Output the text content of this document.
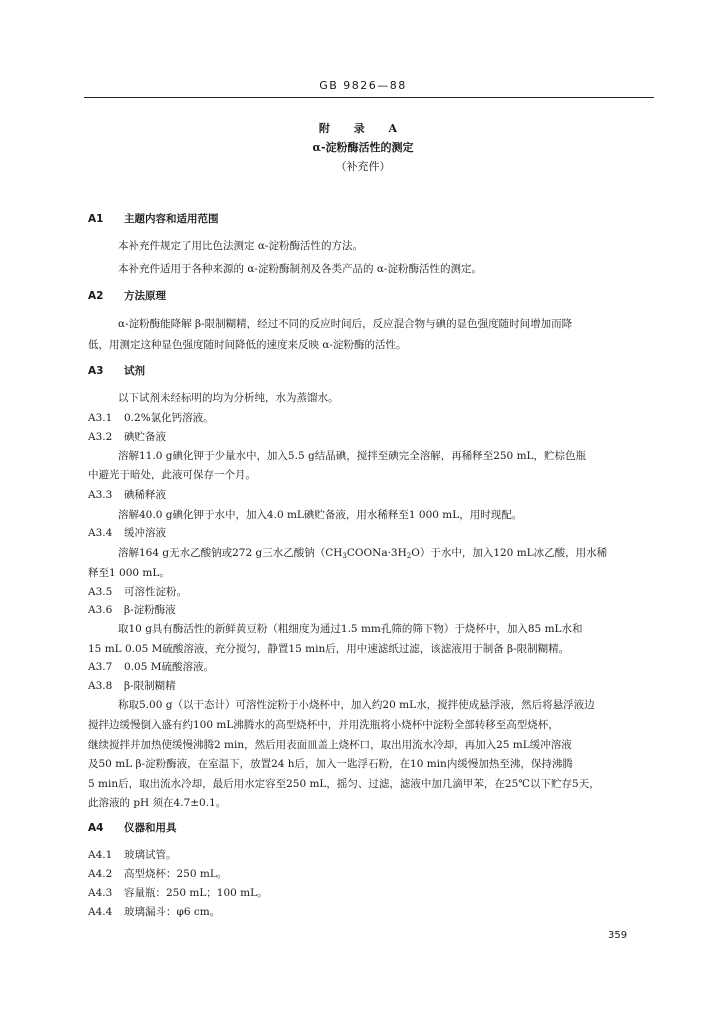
GB 9826—88
附 录 A
α-淀粉酶活性的测定
（补充件）
A1 主题内容和适用范围
本补充件规定了用比色法测定 α-淀粉酶活性的方法。
本补充件适用于各种来源的 α-淀粉酶制剂及各类产品的 α-淀粉酶活性的测定。
A2 方法原理
α-淀粉酶能降解 β-限制糊精，经过不同的反应时间后，反应混合物与碘的显色强度随时间增加而降
低，用测定这种显色强度随时间降低的速度来反映 α-淀粉酶的活性。
A3 试剂
以下试剂未经标明的均为分析纯，水为蒸馏水。
A3.1 0.2%氯化钙溶液。
A3.2 碘贮备液
溶解11.0 g碘化钾于少量水中，加入5.5 g结晶碘，搅拌至碘完全溶解，再稀释至250 mL，贮棕色瓶
中避光于暗处，此液可保存一个月。
A3.3 碘稀释液
溶解40.0 g碘化钾于水中，加入4.0 mL碘贮备液，用水稀释至1 000 mL，用时现配。
A3.4 缓冲溶液
溶解164 g无水乙酸钠或272 g三水乙酸钠$(CH_3COONa\cdot 3H_2O)$于水中，加入120 mL冰乙酸，用水稀
释至1 000 mL。
A3.5 可溶性淀粉。
A3.6 β-淀粉酶液
取10 g具有酶活性的新鲜黄豆粉（粗细度为通过1.5 mm孔筛的筛下物）于烧杯中，加入85 mL水和
15 mL 0.05 M硫酸溶液，充分搅匀，静置15 min后，用中速滤纸过滤，该滤液用于制备 β-限制糊精。
A3.7 0.05 M硫酸溶液。
A3.8 β-限制糊精
称取5.00 g（以干态计）可溶性淀粉于小烧杯中，加入约20 mL水，搅拌使成悬浮液，然后将悬浮液边
搅拌边缓慢倒入盛有约100 mL沸腾水的高型烧杯中，并用洗瓶将小烧杯中淀粉全部转移至高型烧杯，
继续搅拌并加热使缓慢沸腾2 min，然后用表面皿盖上烧杯口，取出用流水冷却，再加入25 mL缓冲溶液
及50 mL β-淀粉酶液，在室温下，放置24 h后，加入一匙浮石粉，在10 min内缓慢加热至沸，保持沸腾
5 min后，取出流水冷却，最后用水定容至250 mL，摇匀、过滤，滤液中加几滴甲苯，在25℃以下贮存5天，
此溶液的 pH 须在4.7±0.1。
A4 仪器和用具
A4.1 玻璃试管。
A4.2 高型烧杯：250 mL。
A4.3 容量瓶：250 mL；100 mL。
A4.4 玻璃漏斗：φ6 cm。
359
